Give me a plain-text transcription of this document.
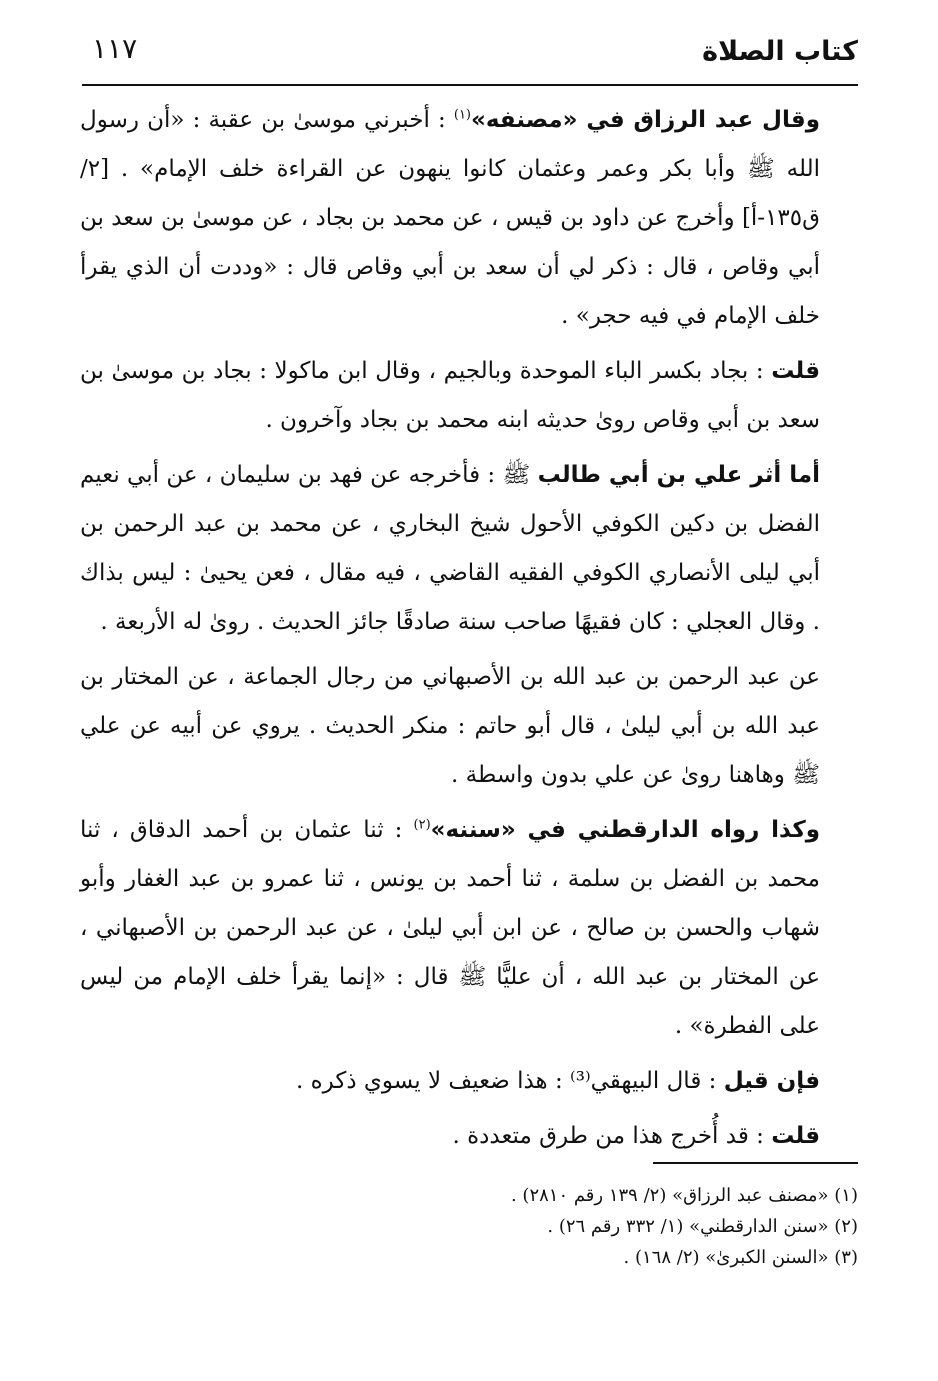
كتاب الصلاة
١١٧

وقال عبد الرزاق في «مصنفه»$^{(١)}$ : أخبرني موسىٰ بن عقبة : «أن رسول الله ﷺ وأبا بكر وعمر وعثمان كانوا ينهون عن القراءة خلف الإمام» . [٢/ ق١٣٥-أ] وأخرج عن داود بن قيس ، عن محمد بن بجاد ، عن موسىٰ بن سعد بن أبي وقاص ، قال : ذكر لي أن سعد بن أبي وقاص قال : «وددت أن الذي يقرأ خلف الإمام في فيه حجر» .

قلت : بجاد بكسر الباء الموحدة وبالجيم ، وقال ابن ماكولا : بجاد بن موسىٰ بن سعد بن أبي وقاص روىٰ حديثه ابنه محمد بن بجاد وآخرون .

أما أثر علي بن أبي طالب ﷺ : فأخرجه عن فهد بن سليمان ، عن أبي نعيم الفضل بن دكين الكوفي الأحول شيخ البخاري ، عن محمد بن عبد الرحمن بن أبي ليلى الأنصاري الكوفي الفقيه القاضي ، فيه مقال ، فعن يحيىٰ : ليس بذاك . وقال العجلي : كان فقيهًا صاحب سنة صادقًا جائز الحديث . روىٰ له الأربعة .

عن عبد الرحمن بن عبد الله بن الأصبهاني من رجال الجماعة ، عن المختار بن عبد الله بن أبي ليلىٰ ، قال أبو حاتم : منكر الحديث . يروي عن أبيه عن علي ﷺ وهاهنا روىٰ عن علي بدون واسطة .

وكذا رواه الدارقطني في «سننه»$^{(٢)}$ : ثنا عثمان بن أحمد الدقاق ، ثنا محمد بن الفضل بن سلمة ، ثنا أحمد بن يونس ، ثنا عمرو بن عبد الغفار وأبو شهاب والحسن بن صالح ، عن ابن أبي ليلىٰ ، عن عبد الرحمن بن الأصبهاني ، عن المختار بن عبد الله ، أن عليًّا ﷺ قال : «إنما يقرأ خلف الإمام من ليس على الفطرة» .

فإن قيل : قال البيهقي⁽³⁾ : هذا ضعيف لا يسوي ذكره .

قلت : قد أُخرج هذا من طرق متعددة .

(١) «مصنف عبد الرزاق» (٢/ ١٣٩ رقم ٢٨١٠) .

(٢) «سنن الدارقطني» (١/ ٣٣٢ رقم ٢٦) .

(٣) «السنن الكبرىٰ» (٢/ ١٦٨) .
